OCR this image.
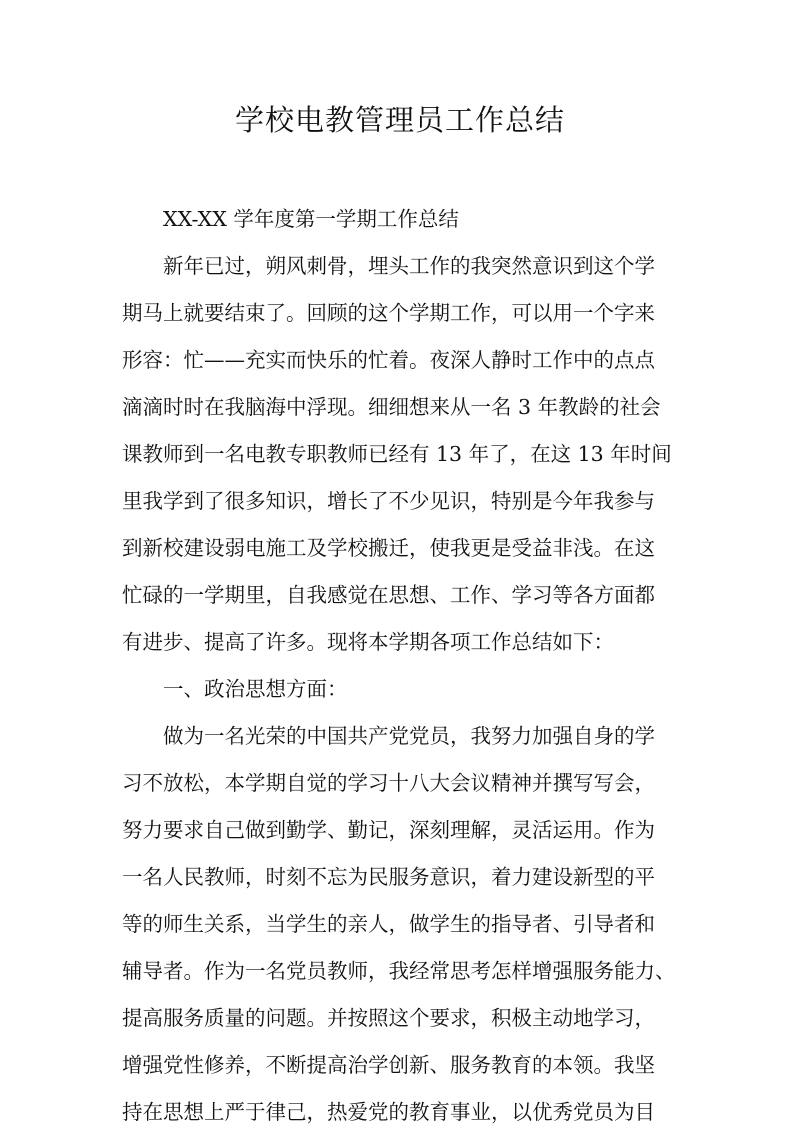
学校电教管理员工作总结
XX-XX 学年度第一学期工作总结
新年已过，朔风刺骨，埋头工作的我突然意识到这个学
期马上就要结束了。回顾的这个学期工作，可以用一个字来
形容：忙——充实而快乐的忙着。夜深人静时工作中的点点
滴滴时时在我脑海中浮现。细细想来从一名 3 年教龄的社会
课教师到一名电教专职教师已经有 13 年了，在这 13 年时间
里我学到了很多知识，增长了不少见识，特别是今年我参与
到新校建设弱电施工及学校搬迁，使我更是受益非浅。在这
忙碌的一学期里，自我感觉在思想、工作、学习等各方面都
有进步、提高了许多。现将本学期各项工作总结如下：
一、政治思想方面：
做为一名光荣的中国共产党党员，我努力加强自身的学
习不放松，本学期自觉的学习十八大会议精神并撰写写会，
努力要求自己做到勤学、勤记，深刻理解，灵活运用。作为
一名人民教师，时刻不忘为民服务意识，着力建设新型的平
等的师生关系，当学生的亲人，做学生的指导者、引导者和
辅导者。作为一名党员教师，我经常思考怎样增强服务能力、
提高服务质量的问题。并按照这个要求，积极主动地学习，
增强党性修养，不断提高治学创新、服务教育的本领。我坚
持在思想上严于律己，热爱党的教育事业，以优秀党员为目
